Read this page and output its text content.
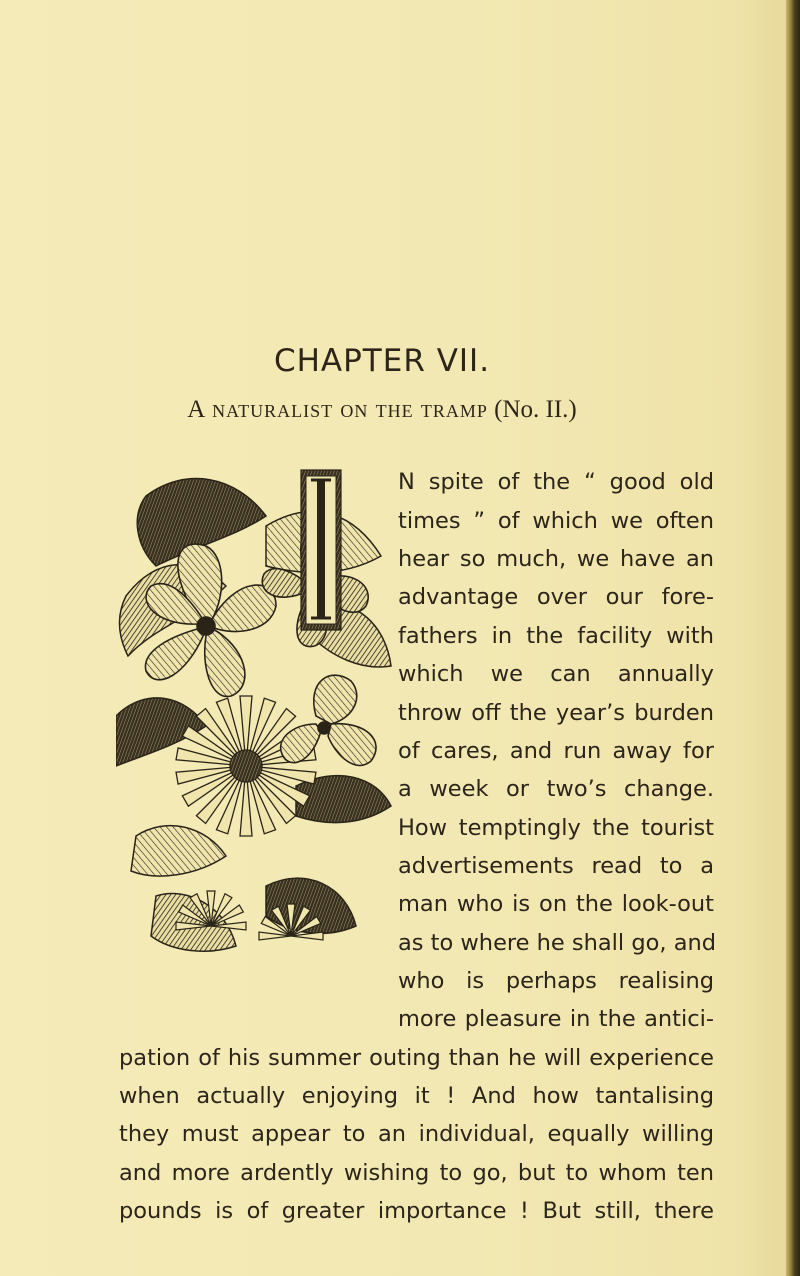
CHAPTER VII.
A naturalist on the tramp (No. II.)
N spite of the “ good old
times ” of which we often
hear so much, we have an
advantage over our fore-
fathers in the facility with
which we can annually
throw off the year’s burden
of cares, and run away for
a week or two’s change.
How temptingly the tourist
advertisements read to a
man who is on the look-out
as to where he shall go, and
who is perhaps realising
more pleasure in the antici-
pation of his summer outing than he will experience
when actually enjoying it ! And how tantalising
they must appear to an individual, equally willing
and more ardently wishing to go, but to whom ten
pounds is of greater importance ! But still, there
